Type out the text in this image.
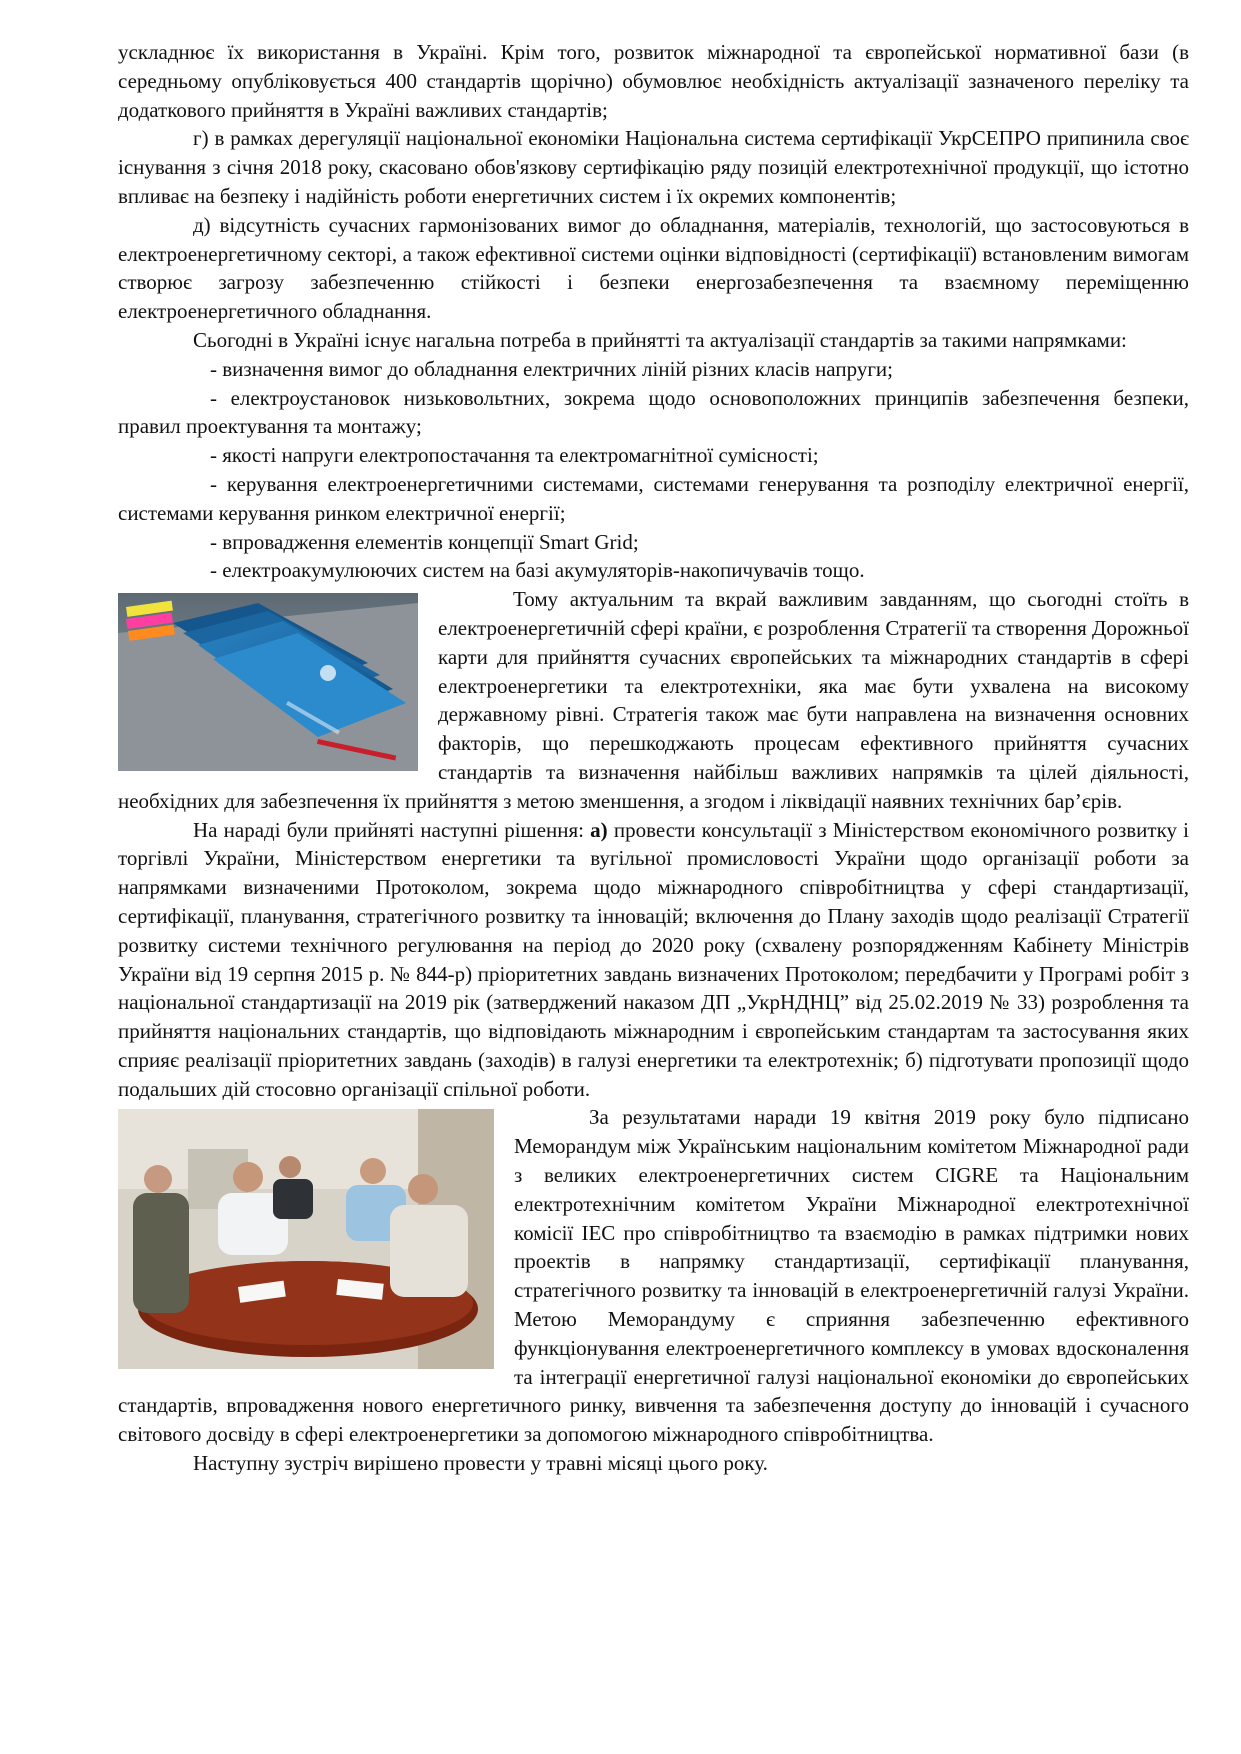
ускладнює їх використання в Україні. Крім того, розвиток міжнародної та європейської нормативної бази (в середньому опубліковується 400 стандартів щорічно) обумовлює необхідність актуалізації зазначеного переліку та додаткового прийняття в Україні важливих стандартів;

г) в рамках дерегуляції національної економіки Національна система сертифікації УкрСЕПРО припинила своє існування з січня 2018 року, скасовано обов'язкову сертифікацію ряду позицій електротехнічної продукції, що істотно впливає на безпеку і надійність роботи енергетичних систем і їх окремих компонентів;

д) відсутність сучасних гармонізованих вимог до обладнання, матеріалів, технологій, що застосовуються в електроенергетичному секторі, а також ефективної системи оцінки відповідності (сертифікації) встановленим вимогам створює загрозу забезпеченню стійкості і безпеки енергозабезпечення та взаємному переміщенню електроенергетичного обладнання.

Сьогодні в Україні існує нагальна потреба в прийнятті та актуалізації стандартів за такими напрямками:

- визначення вимог до обладнання електричних ліній різних класів напруги;

- електроустановок низьковольтних, зокрема щодо основоположних принципів забезпечення безпеки, правил проектування та монтажу;

- якості напруги електропостачання та електромагнітної сумісності;

- керування електроенергетичними системами, системами генерування та розподілу електричної енергії, системами керування ринком електричної енергії;

- впровадження елементів концепції Smart Grid;

- електроакумулюючих систем на базі акумуляторів-накопичувачів тощо.

Тому актуальним та вкрай важливим завданням, що сьогодні стоїть в електроенергетичній сфері країни, є розроблення Стратегії та створення Дорожньої карти для прийняття сучасних європейських та міжнародних стандартів в сфері електроенергетики та електротехніки, яка має бути ухвалена на високому державному рівні. Стратегія також має бути направлена на визначення основних факторів, що перешкоджають процесам ефективного прийняття сучасних стандартів та визначення найбільш важливих напрямків та цілей діяльності, необхідних для забезпечення їх прийняття з метою зменшення, а згодом і ліквідації наявних технічних бар’єрів.

На нараді були прийняті наступні рішення: а) провести консультації з Міністерством економічного розвитку і торгівлі України, Міністерством енергетики та вугільної промисловості України щодо організації роботи за напрямками визначеними Протоколом, зокрема щодо міжнародного співробітництва у сфері стандартизації, сертифікації, планування, стратегічного розвитку та інновацій; включення до Плану заходів щодо реалізації Стратегії розвитку системи технічного регулювання на період до 2020 року (схвалену розпорядженням Кабінету Міністрів України від 19 серпня 2015 р. № 844-р) пріоритетних завдань визначених Протоколом; передбачити у Програмі робіт з національної стандартизації на 2019 рік (затверджений наказом ДП „УкрНДНЦ” від 25.02.2019 № 33) розроблення та прийняття національних стандартів, що відповідають міжнародним і європейським стандартам та застосування яких сприяє реалізації пріоритетних завдань (заходів) в галузі енергетики та електротехнік; б) підготувати пропозиції щодо подальших дій стосовно організації спільної роботи.

За результатами наради 19 квітня 2019 року було підписано Меморандум між Українським національним комітетом Міжнародної ради з великих електроенергетичних систем CIGRE та Національним електротехнічним комітетом України Міжнародної електротехнічної комісії IEC про співробітництво та взаємодію в рамках підтримки нових проектів в напрямку стандартизації, сертифікації планування, стратегічного розвитку та інновацій в електроенергетичній галузі України. Метою Меморандуму є сприяння забезпеченню ефективного функціонування електроенергетичного комплексу в умовах вдосконалення та інтеграції енергетичної галузі національної економіки до європейських стандартів, впровадження нового енергетичного ринку, вивчення та забезпечення доступу до інновацій і сучасного світового досвіду в сфері електроенергетики за допомогою міжнародного співробітництва.

Наступну зустріч вирішено провести у травні місяці цього року.
